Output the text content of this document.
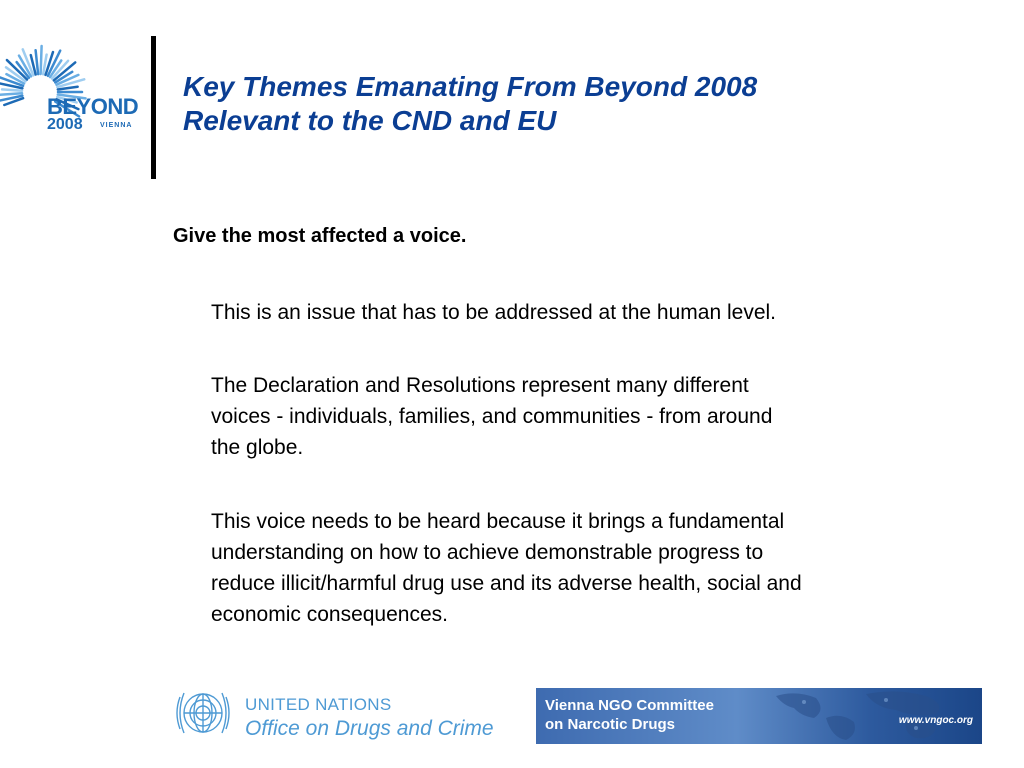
BEYOND
2008 VIENNA
Key Themes Emanating From Beyond 2008
Relevant to the CND and EU
Give the most affected a voice.
This is an issue that has to be addressed at the human level.
The Declaration and Resolutions represent many different
voices - individuals, families, and communities - from around
the globe.
This voice needs to be heard because it brings a fundamental
understanding on how to achieve demonstrable progress to
reduce illicit/harmful drug use and its adverse health, social and
economic consequences.
UNITED NATIONS
Office on Drugs and Crime
Vienna NGO Committee
on Narcotic Drugs	www.vngoc.org
